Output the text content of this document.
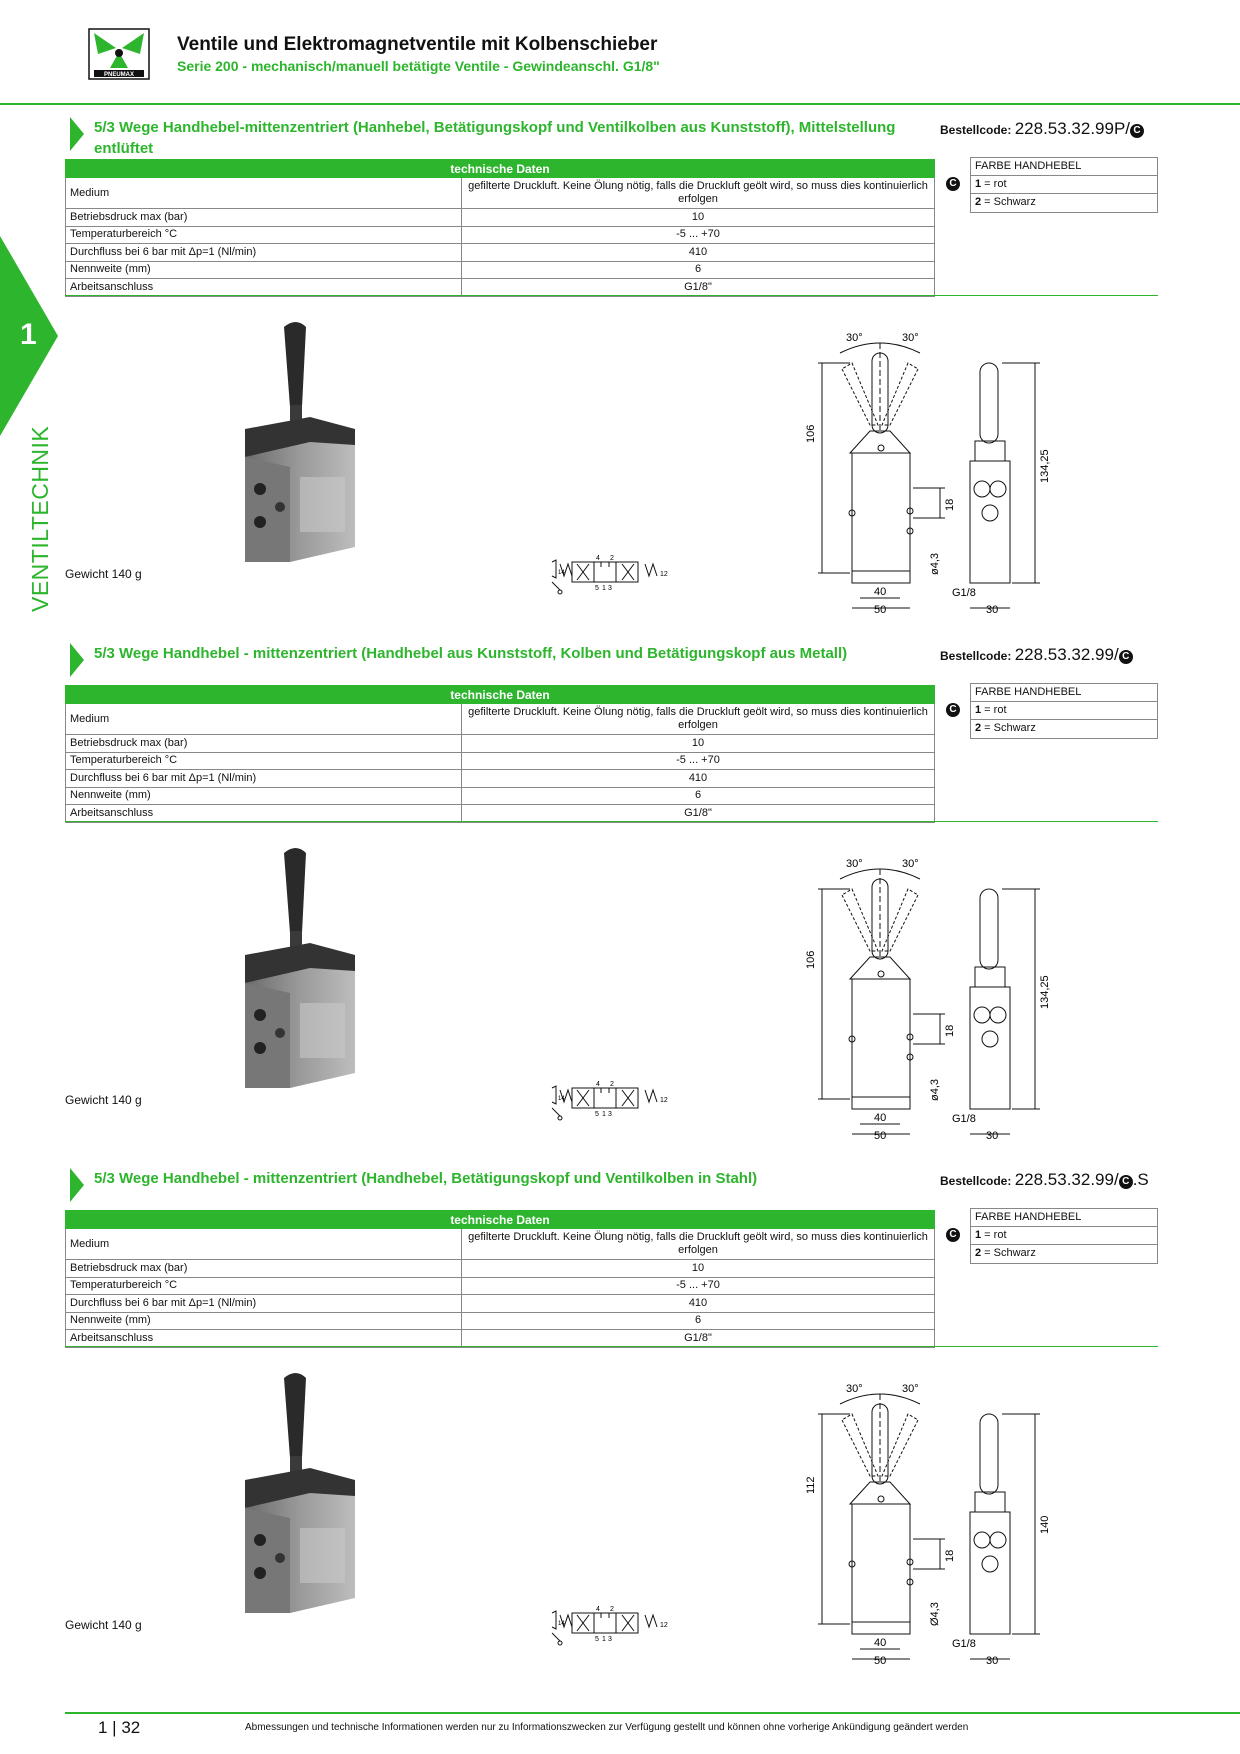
PNEUMAX
Ventile und Elektromagnetventile mit Kolbenschieber
Serie 200 - mechanisch/manuell betätigte Ventile - Gewindeanschl. G1/8"
1
VENTILTECHNIK
5/3 Wege Handhebel-mittenzentriert (Hanhebel, Betätigungskopf und Ventilkolben aus Kunststoff), Mittelstellung entlüftet
Bestellcode: 228.53.32.99P/ C
technische Daten	
Medium	gefilterte Druckluft. Keine Ölung nötig, falls die Druckluft geölt wird, so muss dies kontinuierlich erfolgen
Betriebsdruck max (bar)	10
Temperaturbereich °C	-5 ... +70
Durchfluss bei 6 bar mit Δp=1 (Nl/min)	410
Nennweite (mm)	6
Arbeitsanschluss	G1/8"
C
FARBE HANDHEBEL
1 = rot
2 = Schwarz
Gewicht 140 g
4 2
5 1 3
14	12
30°	30°
106
134,25
18
ø4,3
40
50
G1/8
30
5/3 Wege Handhebel - mittenzentriert (Handhebel aus Kunststoff, Kolben und Betätigungskopf aus Metall)	Bestellcode: 228.53.32.99/ C
technische Daten	
Medium	gefilterte Druckluft. Keine Ölung nötig, falls die Druckluft geölt wird, so muss dies kontinuierlich erfolgen
Betriebsdruck max (bar)	10
Temperaturbereich °C	-5 ... +70
Durchfluss bei 6 bar mit Δp=1 (Nl/min)	410
Nennweite (mm)	6
Arbeitsanschluss	G1/8"
C
FARBE HANDHEBEL
1 = rot
2 = Schwarz
Gewicht 140 g
4 2
5 1 3
14	12
30°	30°
106
134,25
18
ø4,3
40
50
G1/8
30
5/3 Wege Handhebel - mittenzentriert (Handhebel, Betätigungskopf und Ventilkolben in Stahl)	Bestellcode: 228.53.32.99/ C .S
technische Daten	
Medium	gefilterte Druckluft. Keine Ölung nötig, falls die Druckluft geölt wird, so muss dies kontinuierlich erfolgen
Betriebsdruck max (bar)	10
Temperaturbereich °C	-5 ... +70
Durchfluss bei 6 bar mit Δp=1 (Nl/min)	410
Nennweite (mm)	6
Arbeitsanschluss	G1/8"
C
FARBE HANDHEBEL
1 = rot
2 = Schwarz
Gewicht 140 g
4 2
5 1 3
14	12
30°	30°
112
140
18
Ø4,3
40
50
G1/8
30
1 | 32	Abmessungen und technische Informationen werden nur zu Informationszwecken zur Verfügung gestellt und können ohne vorherige Ankündigung geändert werden
